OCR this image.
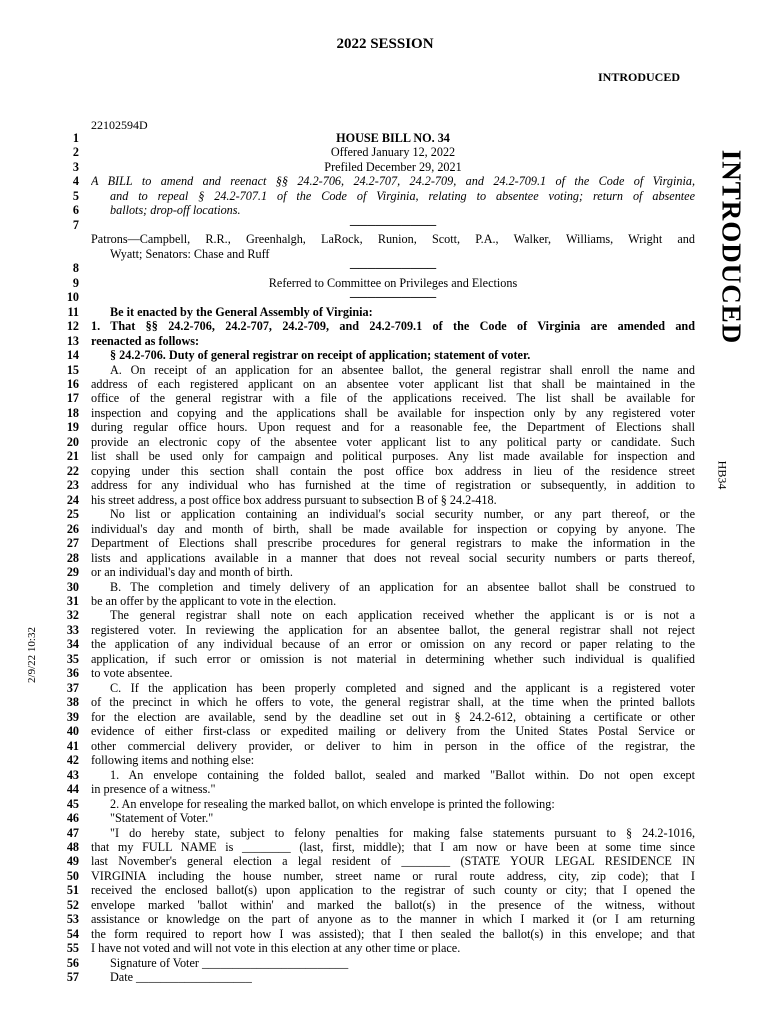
2022 SESSION
INTRODUCED
22102594D
INTRODUCED
HB34
2/9/22 10:32
1	HOUSE BILL NO. 34
2	Offered January 12, 2022
3	Prefiled December 29, 2021
4 A BILL to amend and reenact §§ 24.2-706, 24.2-707, 24.2-709, and 24.2-709.1 of the Code of Virginia,
5	and to repeal § 24.2-707.1 of the Code of Virginia, relating to absentee voting; return of absentee
6	ballots; drop-off locations.
7	──────────
Patrons—Campbell, R.R., Greenhalgh, LaRock, Runion, Scott, P.A., Walker, Williams, Wright and
Wyatt; Senators: Chase and Ruff
8	──────────
9	Referred to Committee on Privileges and Elections
10	──────────
11	Be it enacted by the General Assembly of Virginia:
12 1. That §§ 24.2-706, 24.2-707, 24.2-709, and 24.2-709.1 of the Code of Virginia are amended and
13 reenacted as follows:
14	§ 24.2-706. Duty of general registrar on receipt of application; statement of voter.
15	A. On receipt of an application for an absentee ballot, the general registrar shall enroll the name and
16 address of each registered applicant on an absentee voter applicant list that shall be maintained in the
17 office of the general registrar with a file of the applications received. The list shall be available for
18 inspection and copying and the applications shall be available for inspection only by any registered voter
19 during regular office hours. Upon request and for a reasonable fee, the Department of Elections shall
20 provide an electronic copy of the absentee voter applicant list to any political party or candidate. Such
21 list shall be used only for campaign and political purposes. Any list made available for inspection and
22 copying under this section shall contain the post office box address in lieu of the residence street
23 address for any individual who has furnished at the time of registration or subsequently, in addition to
24 his street address, a post office box address pursuant to subsection B of § 24.2-418.
25	No list or application containing an individual's social security number, or any part thereof, or the
26 individual's day and month of birth, shall be made available for inspection or copying by anyone. The
27 Department of Elections shall prescribe procedures for general registrars to make the information in the
28 lists and applications available in a manner that does not reveal social security numbers or parts thereof,
29 or an individual's day and month of birth.
30	B. The completion and timely delivery of an application for an absentee ballot shall be construed to
31 be an offer by the applicant to vote in the election.
32	The general registrar shall note on each application received whether the applicant is or is not a
33 registered voter. In reviewing the application for an absentee ballot, the general registrar shall not reject
34 the application of any individual because of an error or omission on any record or paper relating to the
35 application, if such error or omission is not material in determining whether such individual is qualified
36 to vote absentee.
37	C. If the application has been properly completed and signed and the applicant is a registered voter
38 of the precinct in which he offers to vote, the general registrar shall, at the time when the printed ballots
39 for the election are available, send by the deadline set out in § 24.2-612, obtaining a certificate or other
40 evidence of either first-class or expedited mailing or delivery from the United States Postal Service or
41 other commercial delivery provider, or deliver to him in person in the office of the registrar, the
42 following items and nothing else:
43	1. An envelope containing the folded ballot, sealed and marked "Ballot within. Do not open except
44 in presence of a witness."
45	2. An envelope for resealing the marked ballot, on which envelope is printed the following:
46	"Statement of Voter."
47	"I do hereby state, subject to felony penalties for making false statements pursuant to § 24.2-1016,
48 that my FULL NAME is ________ (last, first, middle); that I am now or have been at some time since
49 last November's general election a legal resident of ________ (STATE YOUR LEGAL RESIDENCE IN
50 VIRGINIA including the house number, street name or rural route address, city, zip code); that I
51 received the enclosed ballot(s) upon application to the registrar of such county or city; that I opened the
52 envelope marked 'ballot within' and marked the ballot(s) in the presence of the witness, without
53 assistance or knowledge on the part of anyone as to the manner in which I marked it (or I am returning
54 the form required to report how I was assisted); that I then sealed the ballot(s) in this envelope; and that
55 I have not voted and will not vote in this election at any other time or place.
56	Signature of Voter ________________________
57	Date ___________________
